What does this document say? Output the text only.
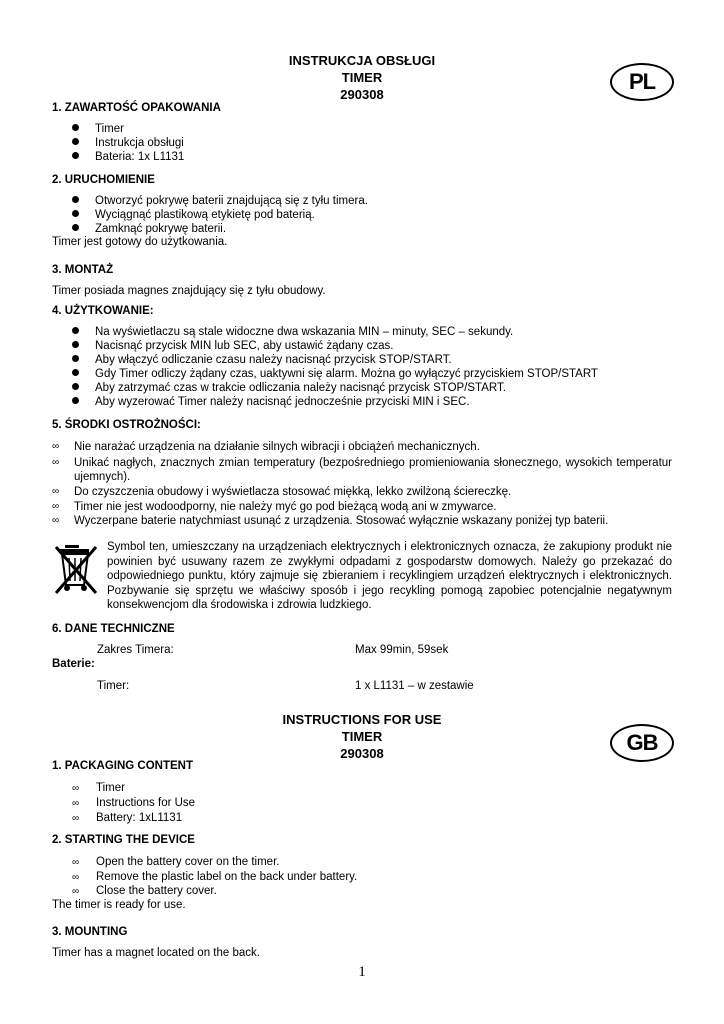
INSTRUKCJA OBSŁUGI
TIMER
290308
PL
1. ZAWARTOŚĆ OPAKOWANIA
Timer
Instrukcja obsługi
Bateria: 1x L1131
2. URUCHOMIENIE
Otworzyć pokrywę baterii znajdującą się z tyłu timera.
Wyciągnąć plastikową etykietę pod baterią.
Zamknąć pokrywę baterii.
Timer jest gotowy do użytkowania.
3. MONTAŻ
Timer posiada magnes znajdujący się z tyłu obudowy.
4. UŻYTKOWANIE:
Na wyświetlaczu są stale widoczne dwa wskazania MIN – minuty, SEC – sekundy.
Nacisnąć przycisk MIN lub SEC, aby ustawić żądany czas.
Aby włączyć odliczanie czasu należy nacisnąć przycisk STOP/START.
Gdy Timer odliczy żądany czas, uaktywni się alarm. Można go wyłączyć przyciskiem STOP/START
Aby zatrzymać czas w trakcie odliczania należy nacisnąć przycisk STOP/START.
Aby wyzerować Timer należy nacisnąć jednocześnie przyciski MIN i SEC.
5. ŚRODKI OSTROŻNOŚCI:
∞ Nie narażać urządzenia na działanie silnych wibracji i obciążeń mechanicznych.
∞ Unikać nagłych, znacznych zmian temperatury (bezpośredniego promieniowania słonecznego, wysokich temperatur ujemnych).
∞ Do czyszczenia obudowy i wyświetlacza stosować miękką, lekko zwilżoną ściereczkę.
∞ Timer nie jest wodoodporny, nie należy myć go pod bieżącą wodą ani w zmywarce.
∞ Wyczerpane baterie natychmiast usunąć z urządzenia. Stosować wyłącznie wskazany poniżej typ baterii.
Symbol ten, umieszczany na urządzeniach elektrycznych i elektronicznych oznacza, że zakupiony produkt nie powinien być usuwany razem ze zwykłymi odpadami z gospodarstw domowych. Należy go przekazać do odpowiedniego punktu, który zajmuje się zbieraniem i recyklingiem urządzeń elektrycznych i elektronicznych. Pozbywanie się sprzętu we właściwy sposób i jego recykling pomogą zapobiec potencjalnie negatywnym konsekwencjom dla środowiska i zdrowia ludzkiego.
6. DANE TECHNICZNE
Zakres Timera:	Max 99min, 59sek
Baterie:
Timer:	1 x L1131 – w zestawie
INSTRUCTIONS FOR USE
TIMER
290308	GB
1. PACKAGING CONTENT
∞ Timer
∞ Instructions for Use
∞ Battery: 1xL1131
2. STARTING THE DEVICE
∞ Open the battery cover on the timer.
∞ Remove the plastic label on the back under battery.
∞ Close the battery cover.
The timer is ready for use.
3. MOUNTING
Timer has a magnet located on the back.
1
